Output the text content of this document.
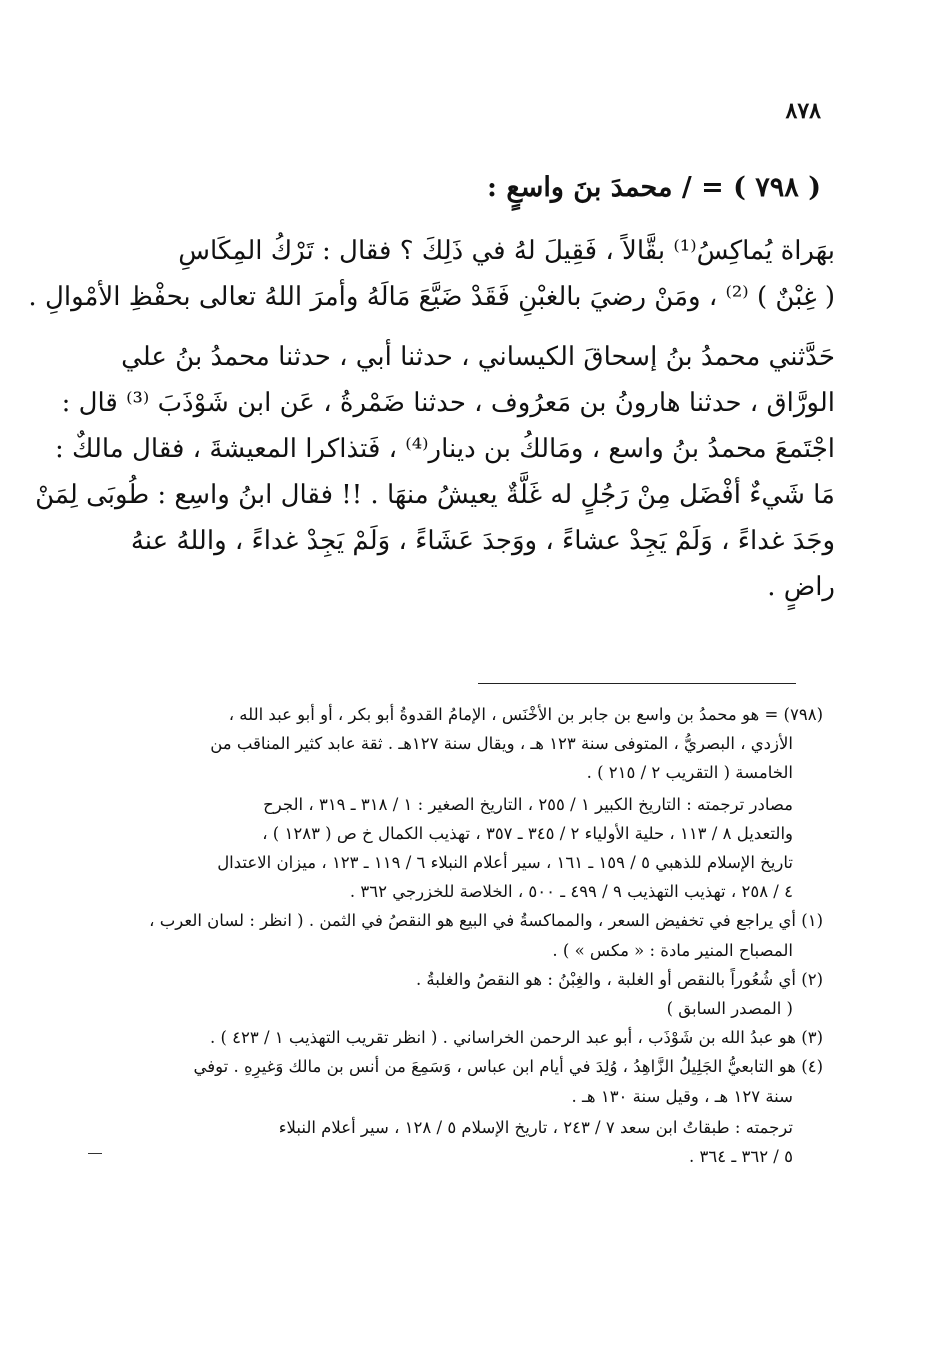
٨٧٨
( ٧٩٨ ) = / محمدَ بنَ واسعٍ :
بهَراة يُماكِسُ⁽¹⁾ بقَّالاً ، فَقِيلَ لهُ في ذَلِكَ ؟ فقال : تَرْكُ المِكَاسِ
( غِبْنٌ ) ⁽²⁾ ، ومَنْ رضيَ بالغبْنِ فَقَدْ ضَيَّعَ مَالَهُ وأمرَ اللهُ تعالى بحفْظِ الأمْوالِ .
حَدَّثني محمدُ بنُ إسحاقَ الكيساني ، حدثنا أبي ، حدثنا محمدُ بنُ علي
الورَّاق ، حدثنا هارونُ بن مَعرُوف ، حدثنا ضَمْرةُ ، عَن ابن شَوْذَبَ ⁽³⁾ قال :
اجْتَمعَ محمدُ بنُ واسع ، ومَالكُ بن دينار⁽⁴⁾ ، فَتذاكرا المعيشةَ ، فقال مالكٌ :
مَا شَيءٌ أفْضَل مِنْ رَجُلٍ له غَلَّةٌ يعيشُ منهَا . !! فقال ابنُ واسِع : طُوبَى لِمَنْ
وجَدَ غداءً ، وَلَمْ يَجِدْ عشاءً ، ووَجدَ عَشَاءً ، وَلَمْ يَجِدْ غداءً ، واللهُ عنهُ
راضٍ .
(٧٩٨) = هو محمدُ بن واسع بن جابر بن الأخْنَس ، الإمامُ القدوةُ أبو بكر ، أو أبو عبد الله ،
الأزدي ، البصريُّ ، المتوفى سنة ١٢٣ هـ ، ويقال سنة ١٢٧هـ . ثقة عابد كثير المناقب من
الخامسة ( التقريب ٢ / ٢١٥ ) .
مصادر ترجمته : التاريخ الكبير ١ / ٢٥٥ ، التاريخ الصغير : ١ / ٣١٨ ـ ٣١٩ ، الجرح
والتعديل ٨ / ١١٣ ، حلية الأولياء ٢ / ٣٤٥ ـ ٣٥٧ ، تهذيب الكمال خ ص ( ١٢٨٣ ) ،
تاريخ الإسلام للذهبي ٥ / ١٥٩ ـ ١٦١ ، سير أعلام النبلاء ٦ / ١١٩ ـ ١٢٣ ، ميزان الاعتدال
٤ / ٢٥٨ ، تهذيب التهذيب ٩ / ٤٩٩ ـ ٥٠٠ ، الخلاصة للخزرجي ٣٦٢ .
(١) أي يراجع في تخفيض السعر ، والمماكسةُ في البيع هو النقصُ في الثمن . ( انظر : لسان العرب ،
المصباح المنير مادة : « مكس » ) .
(٢) أي شُعُوراً بالنقص أو الغلبة ، والغِبْنُ : هو النقصُ والغلبةُ .
( المصدر السابق )
(٣) هو عبدُ الله بن شَوْذَب ، أبو عبد الرحمن الخراساني . ( انظر تقريب التهذيب ١ / ٤٢٣ ) .
(٤) هو التابعيُّ الجَلِيلُ الزَّاهِدُ ، وُلِدَ في أيام ابن عباس ، وَسَمِعَ من أنس بن مالك وَغيرِهِ . توفي
سنة ١٢٧ هـ ، وقيل سنة ١٣٠ هـ .
ترجمته : طبقاتُ ابن سعد ٧ / ٢٤٣ ، تاريخ الإسلام ٥ / ١٢٨ ، سير أعلام النبلاء
٥ / ٣٦٢ ـ ٣٦٤ .
